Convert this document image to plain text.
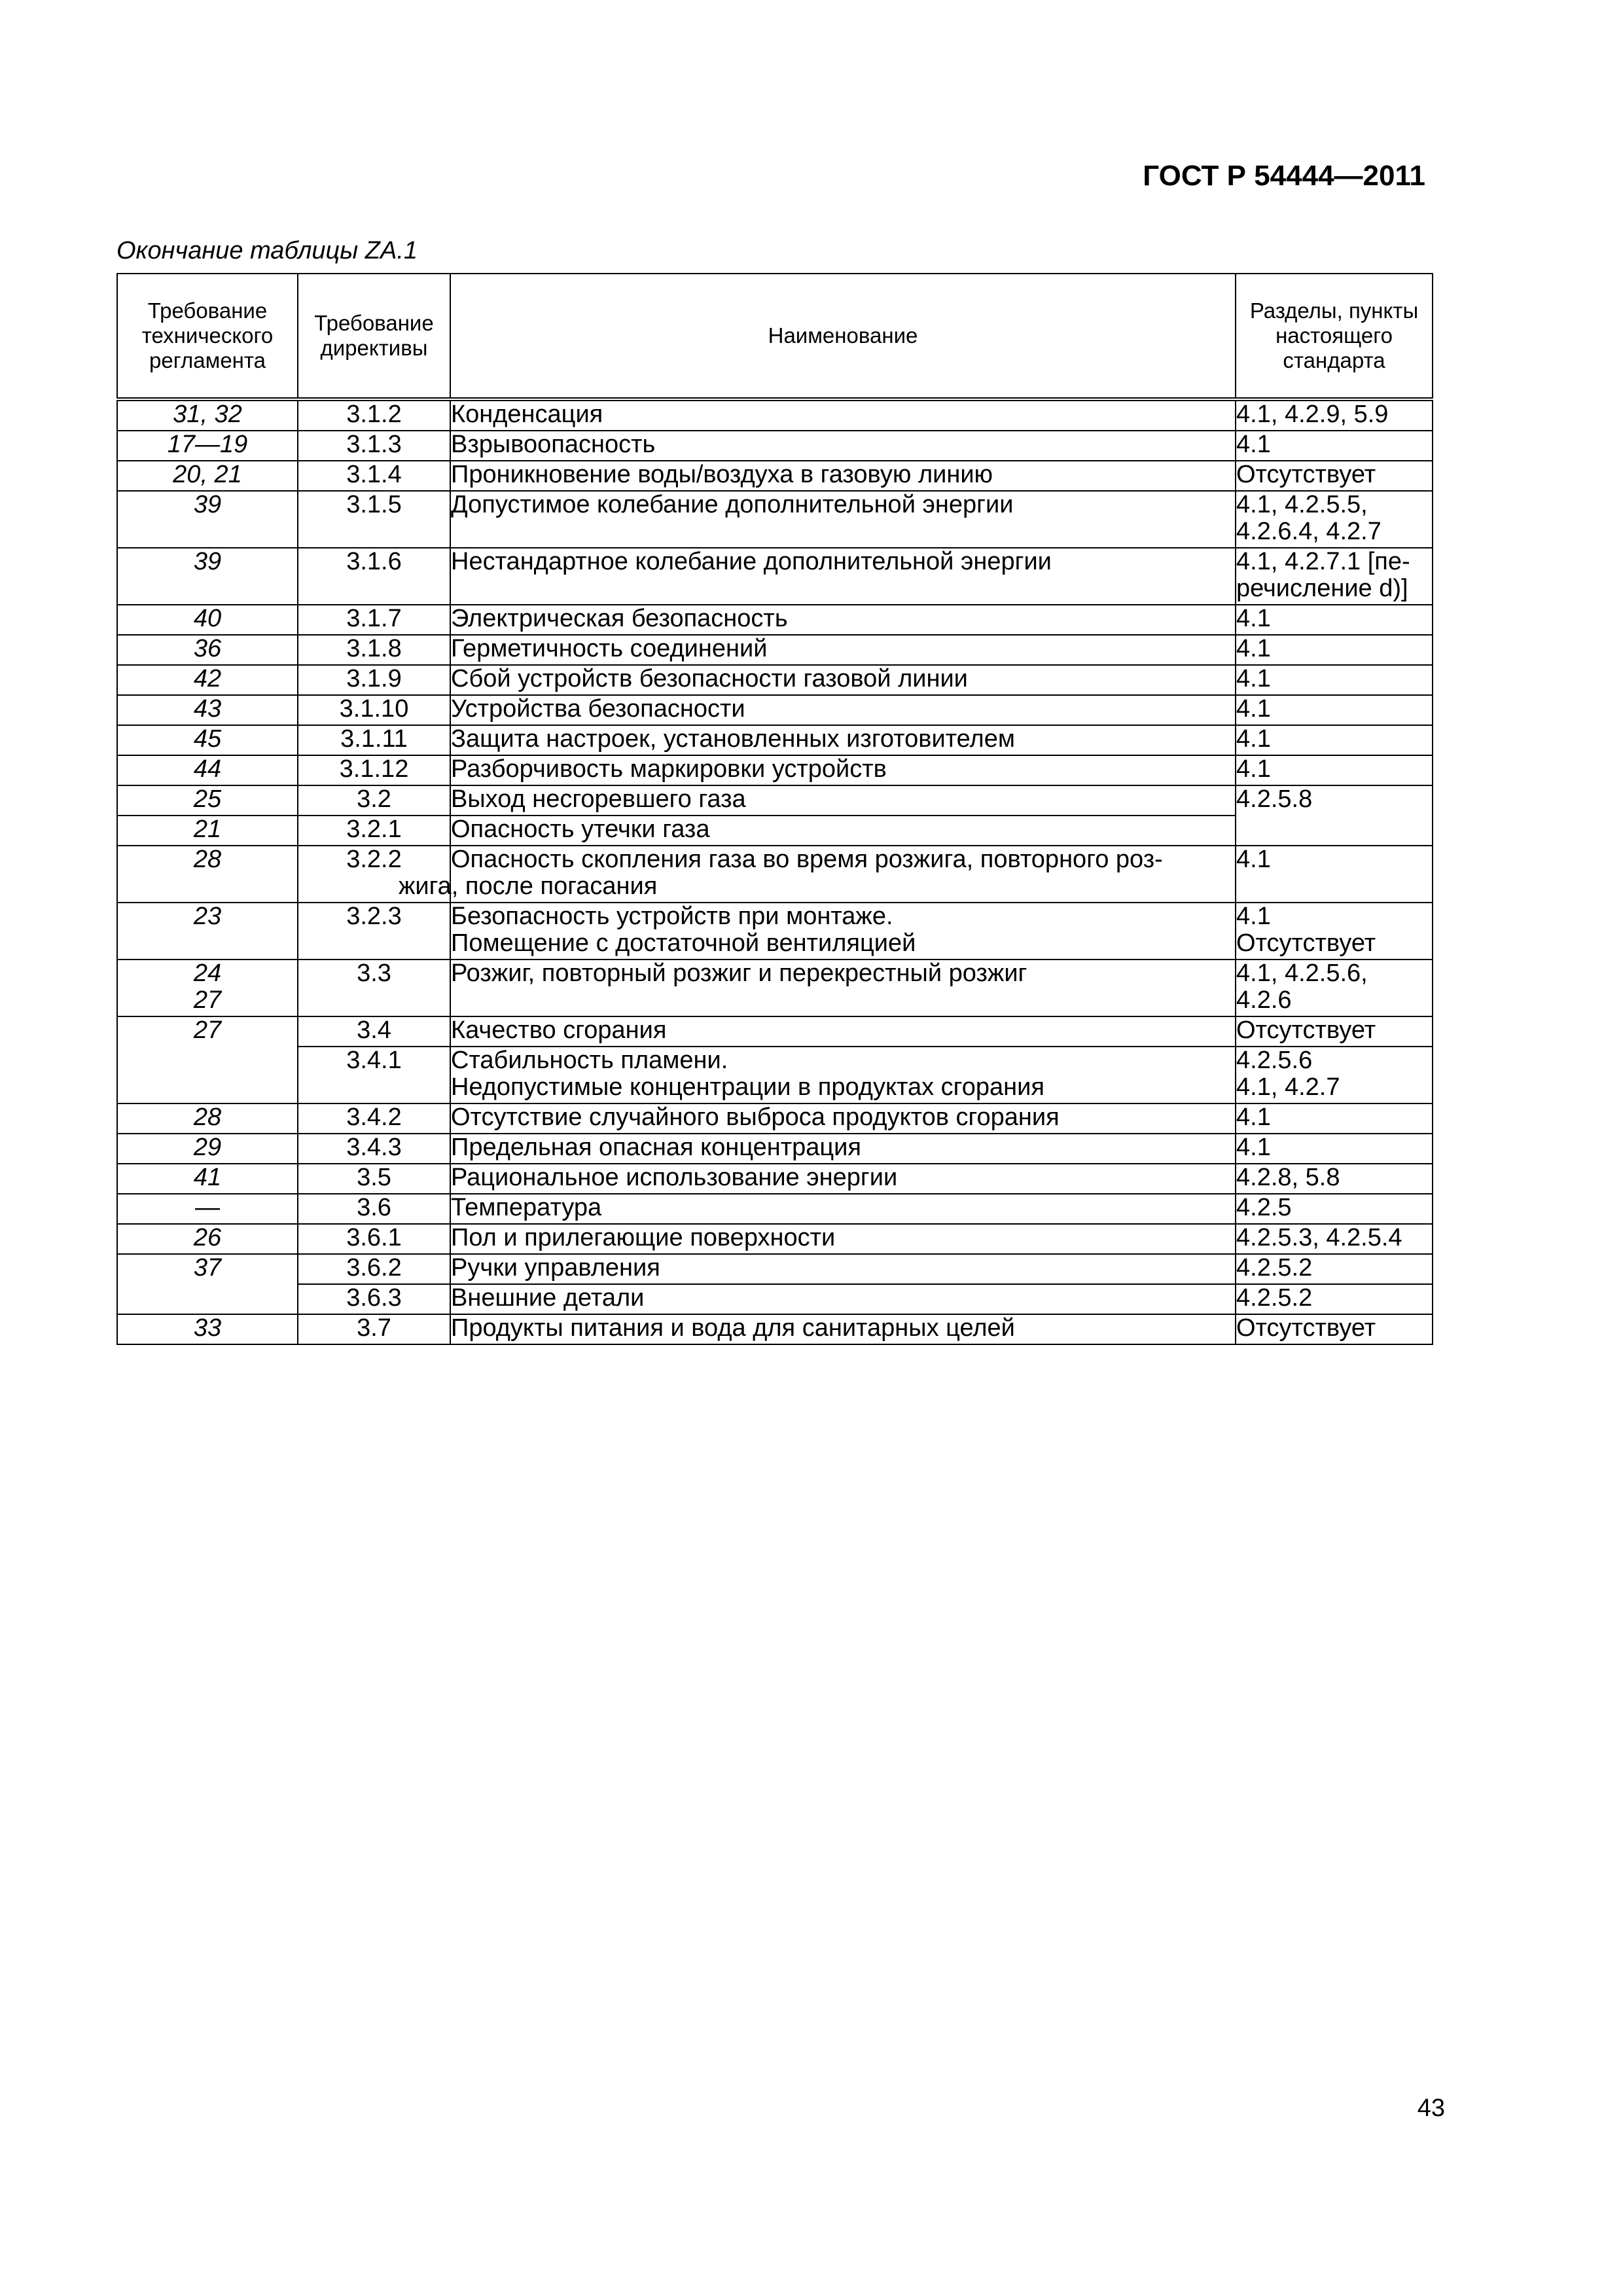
ГОСТ Р 54444—2011
Окончание таблицы ZA.1
Требование
технического
регламента	Требование
директивы	Наименование	Разделы, пункты
настоящего
стандарта

31, 32	3.1.2	Конденсация	4.1, 4.2.9, 5.9

17—19	3.1.3	Взрывоопасность	4.1

20, 21	3.1.4	Проникновение воды/воздуха в газовую линию	Отсутствует

39	3.1.5	Допустимое колебание дополнительной энергии	4.1, 4.2.5.5,
4.2.6.4, 4.2.7

39	3.1.6	Нестандартное колебание дополнительной энергии	4.1, 4.2.7.1 [пе-
речисление d)]

40	3.1.7	Электрическая безопасность	4.1

36	3.1.8	Герметичность соединений	4.1

42	3.1.9	Сбой устройств безопасности газовой линии	4.1

43	3.1.10	Устройства безопасности	4.1

45	3.1.11	Защита настроек, установленных изготовителем	4.1

44	3.1.12	Разборчивость маркировки устройств	4.1

25	3.2	Выход несгоревшего газа	4.2.5.8

21	3.2.1	Опасность утечки газа	

28	3.2.2	Опасность скопления газа во время розжига, повторного роз-
жига, после погасания	4.1

23	3.2.3	Безопасность устройств при монтаже.
Помещение с достаточной вентиляцией	4.1
Отсутствует

24
27	3.3	Розжиг, повторный розжиг и перекрестный розжиг	4.1, 4.2.5.6,
4.2.6

27	3.4	Качество сгорания	Отсутствует

	3.4.1	Стабильность пламени.
Недопустимые концентрации в продуктах сгорания	4.2.5.6
4.1, 4.2.7

28	3.4.2	Отсутствие случайного выброса продуктов сгорания	4.1

29	3.4.3	Предельная опасная концентрация	4.1

41	3.5	Рациональное использование энергии	4.2.8, 5.8

—	3.6	Температура	4.2.5

26	3.6.1	Пол и прилегающие поверхности	4.2.5.3, 4.2.5.4

37	3.6.2	Ручки управления	4.2.5.2

	3.6.3	Внешние детали	4.2.5.2

33	3.7	Продукты питания и вода для санитарных целей	Отсутствует
43
